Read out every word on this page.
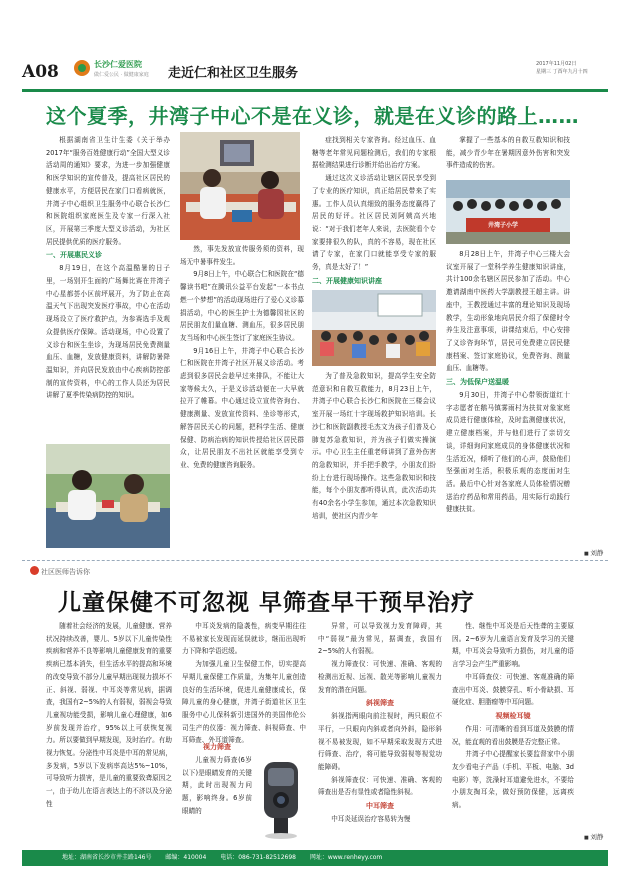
A08	长沙仁爱医院
做仁爱公民 · 做健康家庭 走近仁和社区卫生服务
2017年11月02日
星期三 丁酉年九月十四
这个夏季，井湾子中心不是在义诊，就是在义诊的路上……

根据湖南省卫生计生委《关于举办2017年“服务百姓健康行动”全国大型义诊活动周的通知》要求，为进一步加强健康和医学知识的宣传普及，提高社区居民的健康水平，方便居民在家门口看病就医，井湾子中心组织卫生服务中心联合长沙仁和医院组织家庭医生及专家一行深入社区，开展第三季度大型义诊活动，为社区居民提供优质的医疗服务。

一、开展惠民义诊

8月19日，在这个高温酷暑的日子里，一场别开生面的广场舞比赛在井湾子中心星都荟小区前坪展开，为了防止在高温天气下出现突发医疗事故，中心在活动现场设立了医疗救护点，为参赛选手及观众提供医疗保障。活动现场，中心设置了义诊台和医生坐诊，为现场居民免费测量血压、血糖，发放健康资料，讲解防暑降温知识，并向居民发放由中心疾病防控部制的宣传资料，中心的工作人员还为居民讲解了夏季传染病防控的知识。

然，事先发放宣传服务须的资料，现场无中暑事件发生。

9月8日上午，中心联合仁和医院在“德馨读书吧”在腾讯公益平台发起“一本书点燃一个梦想”的活动现场进行了爱心义诊募捐活动，中心的医生护士为德馨园社区的居民朋友们量血糖、测血压，很多居民朋友当场和中心医生签订了家庭医生协议。

9月16日上午，井湾子中心联合长沙仁和医院在井湾子社区开展义诊活动。考虑到很多居民会趁早过来排队，不能让大家等候太久，于是义诊活动便在一大早就拉开了帷幕。中心通过设立宣传咨询台、健康测量、发放宣传资料、坐诊等形式，解答居民关心的问题，把科学生活、健康保健、防病治病的知识传授给社区居民群众，让居民朋友不出社区就能享受到专业、免费的健康咨询服务。

症找到相关专家咨询。经过血压、血糖等老年常见问题检测后，我们的专家根据检测结果进行诊断并给出治疗方案。

通过这次义诊活动让辖区居民享受到了专业的医疗知识，真正给居民带来了实惠。工作人员认真细致的服务态度赢得了居民的好评。社区居民刘阿姨高兴地说：“对于我们老年人来说，去医院看个专家要排很久的队，真的不容易，现在社区请了专家，在家门口就能享受专家的服务，真是太好了！”

二、开展健康知识讲座

为了普及急救知识，提高学生安全防范意识和自救互救能力，8月23日上午，井湾子中心联合长沙仁和医院在三楼会议室开展一场红十字现场救护知识培训。长沙仁和医院副教授毛杰文为孩子们普及心肺复苏急救知识，并为孩子们做实操演示。中心卫生主任重老师讲到了意外伤害的急救知识，并手把手教学，小朋友们纷纷上台进行现场操作。这些急救知识和技能，每个小朋友都听得认真，此次活动共有40余名小学生参加，通过本次急救知识培训，使社区内青少年

掌握了一些基本的自救互救知识和技能，减少青少年在暑期因意外伤害和突发事件造成的伤害。

井湾子小学

8月28日上午，井湾子中心三楼大会议室开展了一堂科学养生健康知识讲座，共计100余名辖区居民参加了活动。中心邀请湖南中医药大学副教授王超主讲。讲座中，王教授通过丰富的理论知识及现场教学，生动形象地向居民介绍了保健时令养生及注意事项，讲课结束后，中心安排了义诊咨询环节，居民可免费建立居民健康档案、签订家庭协议，免费咨询、测量血压、血糖等。

三、为低保户送温暖

9月30日，井湾子中心带领街道红十字志愿者在鹅马镇雾雨村为扶贫对象家庭成员进行健康体检，及时监测健康状况，建立健康档案，并与他们进行了亲切交谈，详细询问家庭成员的身体健康状况和生活近况，倾听了他们的心声，鼓励他们坚强面对生活，积极乐观的态度面对生活。最后中心针对各家庭人员体检情况赠送治疗药品和常用药品，用实际行动践行健康扶贫。

■ 刘静
社区医师告诉你
儿童保健不可忽视 早筛查早干预早治疗

随着社会经济的发展，儿童健康、营养状况持续改善，婴儿、5岁以下儿童传染性疾病和营养不良等影响儿童健康发育的重要疾病已基本消失，但生活水平的提高和环境的改变导致不部分儿童早期出现视力损坏不正、斜视、弱视、中耳炎等常见病，据调查，我国有2~5%的人有弱视，弱视会导致儿童视功能受损，影响儿童心理健康，如6岁前发现并治疗，95%以上可获恢复视力。所以要做到早期发现，及时治疗。有助视力恢复。分泌性中耳炎是中耳的常见病，多发病，5岁以下发病率高达5%~10%，可导致听力损害，是儿童的重要致聋原因之一，由于幼儿在语言表达上的不济以及分泌性

中耳炎发病的隐袭性，病变早期往往不易被家长发现而延误就诊，继而出现听力下降和学语迟缓。

为加强儿童卫生保健工作，切实提高早期儿童保健工作质量，为集年儿童创造良好的生活环境，促进儿童健康成长，保障儿童的身心健康，井湾子街道社区卫生服务中心儿保科新引进国外的美国伟伦公司生产的仪器：视力筛查、斜视筛查、中耳筛查、外耳道筛查。

视力筛查

儿童视力筛查(6岁以下)是眼睛发育的关键期，此时出现视力问题，影响终身。6岁前眼睛的

异常，可以导致视力发育障碍，其中“弱视”最为常见，据调查，我国有2~5%的人有弱视。

视力筛查仪：可快速、准确、客观的检测出近视、远视、散光等影响儿童视力发育的潜在问题。

斜视筛查

斜视指两眼向前注视时，两只眼位不平行，一只眼向内斜或者向外斜，隐形斜视不易被发现，如不早期采取发现方式进行筛查、治疗，将可能导致弱视等视觉功能障碍。

斜视筛查仪：可快速、准确、客观的筛查出是否有显性或者隐性斜视。

中耳筛查

中耳炎延误治疗容易转为慢

性、继性中耳炎是后天性聋的主要原因。2~6岁为儿童语言发育及学习的关键期，中耳炎会导致听力损伤，对儿童的语言学习会产生严重影响。

中耳筛查仪：可快速、客观准确的筛查出中耳炎、鼓膜穿孔、听小骨缺损、耳硬化症、胆脂瘤等中耳问题。

视频检耳镜

作用：可清晰的看到耳道及鼓膜的情况，能直观的看出鼓膜是否完整正常。

井湾子中心提醒家长要监督家中小朋友少看电子产品（手机、平板、电脑、3d电影）等，洗澡时耳道避免进水，不要给小朋友掏耳朵，做好预防保健，远离疾病。

■ 刘静
地址：湖南省长沙市井圭路146号 邮编：410004 电话：086-731-82512698 网址：www.renheyy.com
